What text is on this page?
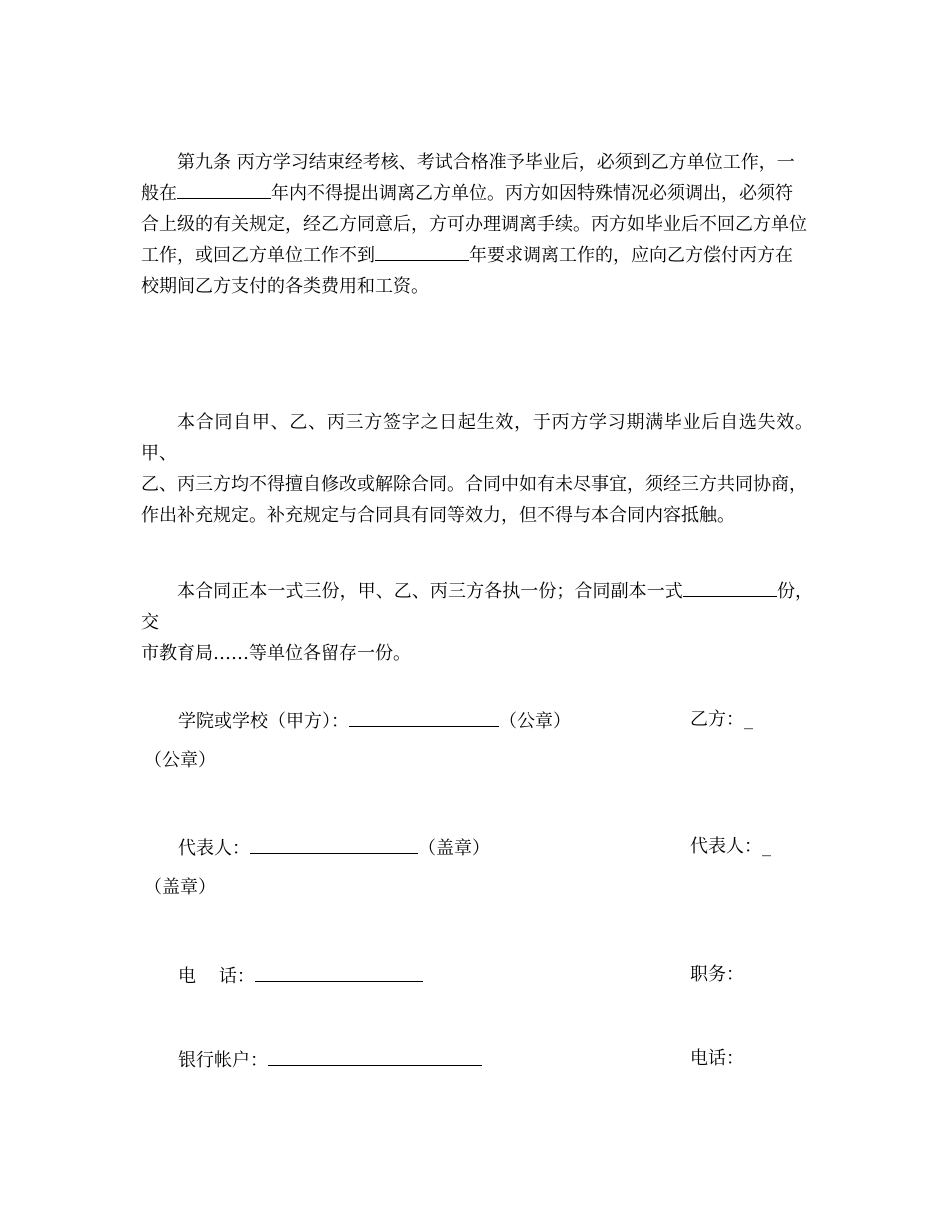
第九条 丙方学习结束经考核、考试合格准予毕业后，必须到乙方单位工作，一
般在	年内不得提出调离乙方单位。丙方如因特殊情况必须调出，必须符
合上级的有关规定，经乙方同意后，方可办理调离手续。丙方如毕业后不回乙方单位
工作，或回乙方单位工作不到	年要求调离工作的，应向乙方偿付丙方在
校期间乙方支付的各类费用和工资。
本合同自甲、乙、丙三方签字之日起生效，于丙方学习期满毕业后自选失效。甲、
乙、丙三方均不得擅自修改或解除合同。合同中如有未尽事宜，须经三方共同协商，
作出补充规定。补充规定与合同具有同等效力，但不得与本合同内容抵触。
本合同正本一式三份，甲、乙、丙三方各执一份；合同副本一式	份，交
市教育局……等单位各留存一份。
学院或学校（甲方）：	（公章）	乙方：_
（公章）
代表人：	（盖章）	代表人：_
（盖章）
电    话：	职务：
银行帐户：	电话：
